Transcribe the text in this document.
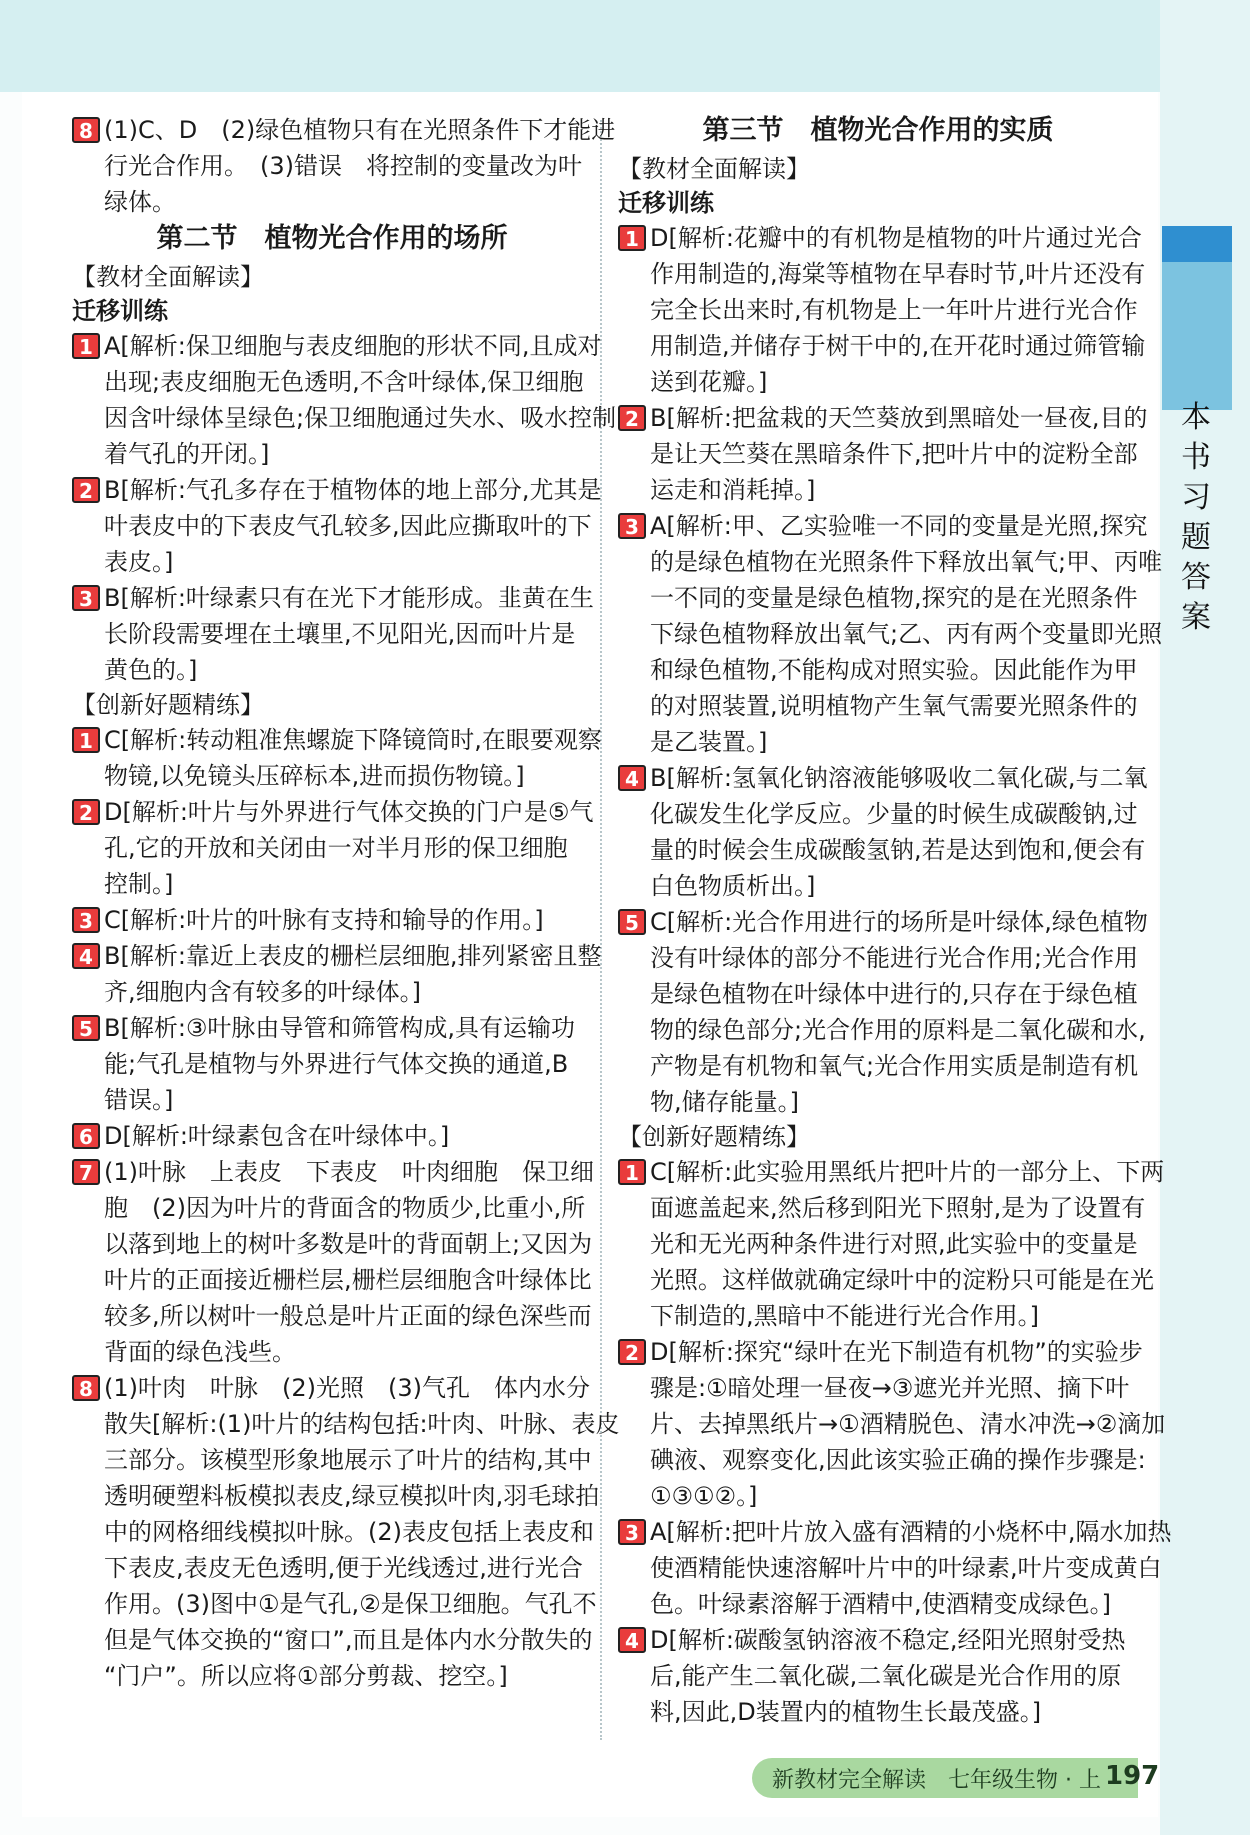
本
书
习
题
答
案
8 (1)C、D　(2)绿色植物只有在光照条件下才能进
行光合作用。　(3)错误　将控制的变量改为叶
绿体。
第二节　植物光合作用的场所
【教材全面解读】
迁移训练
1 A[解析:保卫细胞与表皮细胞的形状不同,且成对
出现;表皮细胞无色透明,不含叶绿体,保卫细胞
因含叶绿体呈绿色;保卫细胞通过失水、吸水控制
着气孔的开闭。]
2 B[解析:气孔多存在于植物体的地上部分,尤其是
叶表皮中的下表皮气孔较多,因此应撕取叶的下
表皮。]
3 B[解析:叶绿素只有在光下才能形成。韭黄在生
长阶段需要埋在土壤里,不见阳光,因而叶片是
黄色的。]
【创新好题精练】
1 C[解析:转动粗准焦螺旋下降镜筒时,在眼要观察
物镜,以免镜头压碎标本,进而损伤物镜。]
2 D[解析:叶片与外界进行气体交换的门户是⑤气
孔,它的开放和关闭由一对半月形的保卫细胞
控制。]
3 C[解析:叶片的叶脉有支持和输导的作用。]
4 B[解析:靠近上表皮的栅栏层细胞,排列紧密且整
齐,细胞内含有较多的叶绿体。]
5 B[解析:③叶脉由导管和筛管构成,具有运输功
能;气孔是植物与外界进行气体交换的通道,B
错误。]
6 D[解析:叶绿素包含在叶绿体中。]
7 (1)叶脉　上表皮　下表皮　叶肉细胞　保卫细
胞　(2)因为叶片的背面含的物质少,比重小,所
以落到地上的树叶多数是叶的背面朝上;又因为
叶片的正面接近栅栏层,栅栏层细胞含叶绿体比
较多,所以树叶一般总是叶片正面的绿色深些而
背面的绿色浅些。
8 (1)叶肉　叶脉　(2)光照　(3)气孔　体内水分
散失[解析:(1)叶片的结构包括:叶肉、叶脉、表皮
三部分。该模型形象地展示了叶片的结构,其中
透明硬塑料板模拟表皮,绿豆模拟叶肉,羽毛球拍
中的网格细线模拟叶脉。(2)表皮包括上表皮和
下表皮,表皮无色透明,便于光线透过,进行光合
作用。(3)图中①是气孔,②是保卫细胞。气孔不
但是气体交换的“窗口”,而且是体内水分散失的
“门户”。所以应将①部分剪裁、挖空。]
第三节　植物光合作用的实质
【教材全面解读】
迁移训练
1 D[解析:花瓣中的有机物是植物的叶片通过光合
作用制造的,海棠等植物在早春时节,叶片还没有
完全长出来时,有机物是上一年叶片进行光合作
用制造,并储存于树干中的,在开花时通过筛管输
送到花瓣。]
2 B[解析:把盆栽的天竺葵放到黑暗处一昼夜,目的
是让天竺葵在黑暗条件下,把叶片中的淀粉全部
运走和消耗掉。]
3 A[解析:甲、乙实验唯一不同的变量是光照,探究
的是绿色植物在光照条件下释放出氧气;甲、丙唯
一不同的变量是绿色植物,探究的是在光照条件
下绿色植物释放出氧气;乙、丙有两个变量即光照
和绿色植物,不能构成对照实验。因此能作为甲
的对照装置,说明植物产生氧气需要光照条件的
是乙装置。]
4 B[解析:氢氧化钠溶液能够吸收二氧化碳,与二氧
化碳发生化学反应。少量的时候生成碳酸钠,过
量的时候会生成碳酸氢钠,若是达到饱和,便会有
白色物质析出。]
5 C[解析:光合作用进行的场所是叶绿体,绿色植物
没有叶绿体的部分不能进行光合作用;光合作用
是绿色植物在叶绿体中进行的,只存在于绿色植
物的绿色部分;光合作用的原料是二氧化碳和水,
产物是有机物和氧气;光合作用实质是制造有机
物,储存能量。]
【创新好题精练】
1 C[解析:此实验用黑纸片把叶片的一部分上、下两
面遮盖起来,然后移到阳光下照射,是为了设置有
光和无光两种条件进行对照,此实验中的变量是
光照。这样做就确定绿叶中的淀粉只可能是在光
下制造的,黑暗中不能进行光合作用。]
2 D[解析:探究“绿叶在光下制造有机物”的实验步
骤是:①暗处理一昼夜→③遮光并光照、摘下叶
片、去掉黑纸片→①酒精脱色、清水冲洗→②滴加
碘液、观察变化,因此该实验正确的操作步骤是:
①③①②。]
3 A[解析:把叶片放入盛有酒精的小烧杯中,隔水加热
使酒精能快速溶解叶片中的叶绿素,叶片变成黄白
色。叶绿素溶解于酒精中,使酒精变成绿色。]
4 D[解析:碳酸氢钠溶液不稳定,经阳光照射受热
后,能产生二氧化碳,二氧化碳是光合作用的原
料,因此,D装置内的植物生长最茂盛。]
新教材完全解读　七年级生物 · 上 197
